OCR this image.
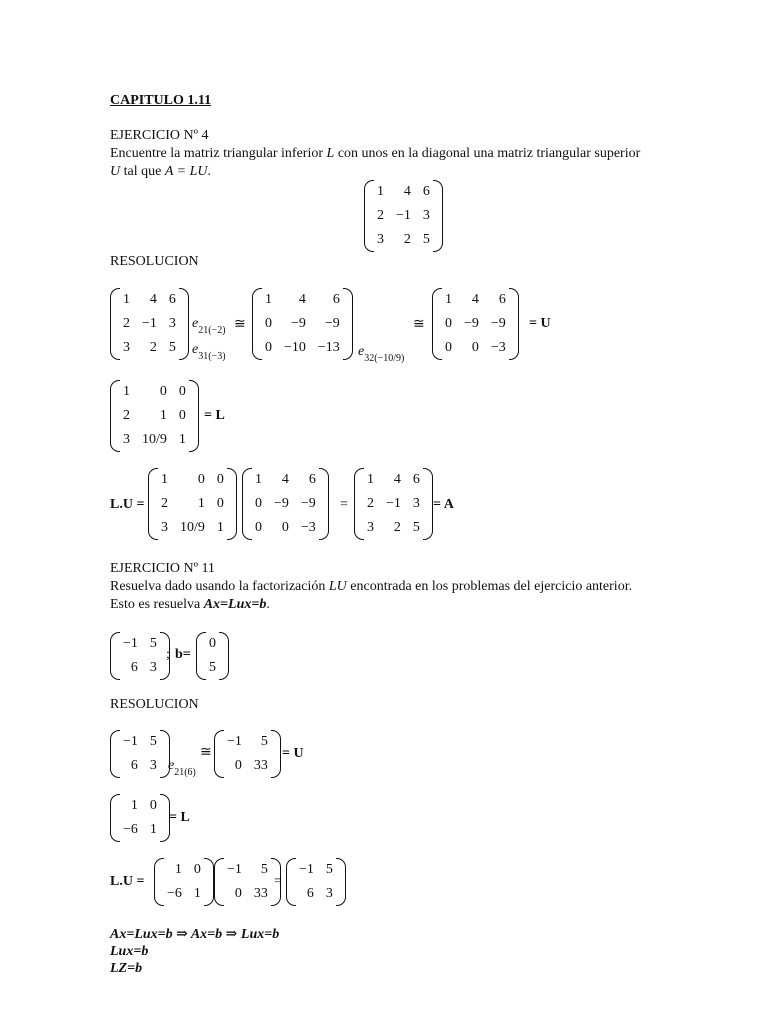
CAPITULO 1.11
EJERCICIO Nº 4
Encuentre la matriz triangular inferior L con unos en la diagonal una matriz triangular superior
U tal que A = LU.
1	4	6
2	−1	3
3	2	5
RESOLUCION
1	4	6
2	−1	3
3	2	5
$e_{21(-2)}$
$e_{31(-3)}$
≅
1	4	6
0	−9	−9
0	−10	−13 $e_{32(-10/9)}$
≅
1	4	6
0	−9	−9
0	0	−3
= U
1	0	0
2	1	0
3	10/9	1
= L
L.U =
1	0	0
2	1	0
3	10/9	1
1	4	6
0	−9	−9
0	0	−3
=
1	4	6
2	−1	3
3	2	5
= A
EJERCICIO Nº 11
Resuelva dado usando la factorización LU encontrada en los problemas del ejercicio anterior.
Esto es resuelva Ax=Lux=b.
−1	5
6	3
; b=
0
5
RESOLUCION
−1	5
6	3 $e_{21(6)}$
≅
−1	5
0	33
= U
1	0
−6	1
= L
L.U =
1	0
−6	1
−1	5
0	33
=
−1	5
6	3
Ax=Lux=b ⇒ Ax=b ⇒ Lux=b
Lux=b
LZ=b
